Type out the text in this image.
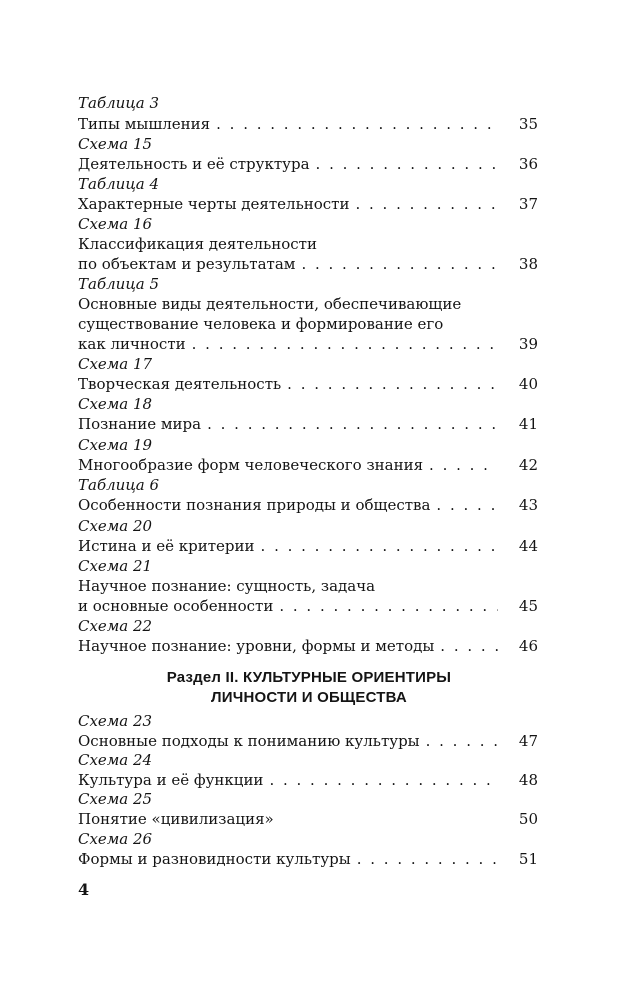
Таблица 3
Типы мышления . . .	35
Схема 15
Деятельность и её структура . . .	36
Таблица 4
Характерные черты деятельности . . .	37
Схема 16
Классификация деятельности
по объектам и результатам . . .	38
Таблица 5
Основные виды деятельности, обеспечивающие
существование человека и формирование его
как личности . . .	39
Схема 17
Творческая деятельность . . .	40
Схема 18
Познание мира . . .	41
Схема 19
Многообразие форм человеческого знания . . .	42
Таблица 6
Особенности познания природы и общества . . .	43
Схема 20
Истина и её критерии . . .	44
Схема 21
Научное познание: сущность, задача
и основные особенности . . .	45
Схема 22
Научное познание: уровни, формы и методы . . .	46
Раздел II. КУЛЬТУРНЫЕ ОРИЕНТИРЫ
ЛИЧНОСТИ И ОБЩЕСТВА
Схема 23
Основные подходы к пониманию культуры . . .	47
Схема 24
Культура и её функции . . .	48
Схема 25
Понятие «цивилизация»	50
Схема 26
Формы и разновидности культуры . . .	51
4
